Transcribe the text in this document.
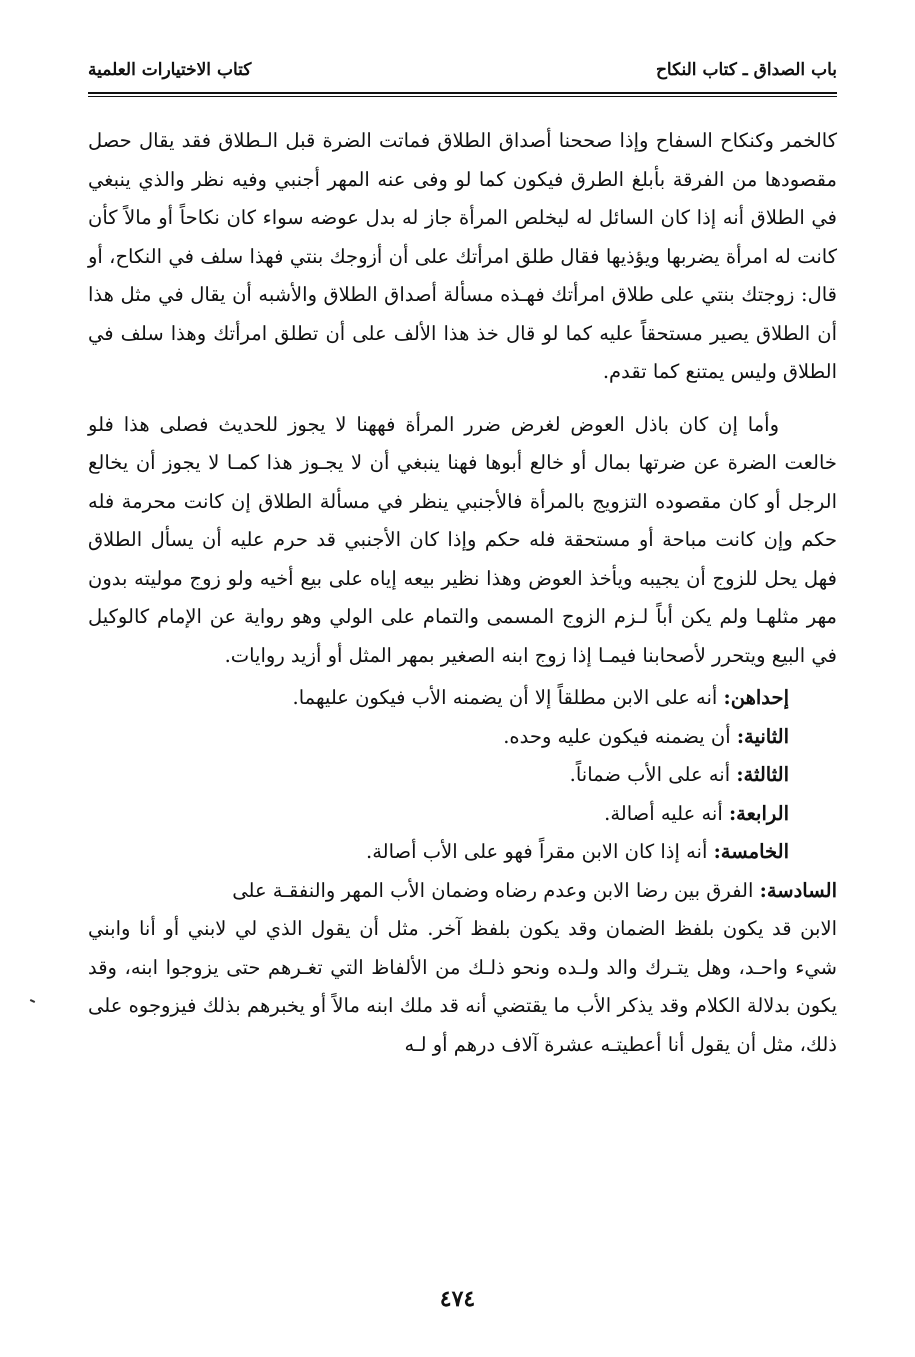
باب الصداق ـ كتاب النكاح
كتاب الاختيارات العلمية

كالخمر وكنكاح السفاح وإذا صححنا أصداق الطلاق فماتت الضرة قبل الـطلاق فقد يقال حصل مقصودها من الفرقة بأبلغ الطرق فيكون كما لو وفى عنه المهر أجنبي وفيه نظر والذي ينبغي في الطلاق أنه إذا كان السائل له ليخلص المرأة جاز له بدل عوضه سواء كان نكاحاً أو مالاً كأن كانت له امرأة يضربها ويؤذيها فقال طلق امرأتك على أن أزوجك بنتي فهذا سلف في النكاح، أو قال: زوجتك بنتي على طلاق امرأتك فهـذه مسألة أصداق الطلاق والأشبه أن يقال في مثل هذا أن الطلاق يصير مستحقاً عليه كما لو قال خذ هذا الألف على أن تطلق امرأتك وهذا سلف في الطلاق وليس يمتنع كما تقدم.

وأما إن كان باذل العوض لغرض ضرر المرأة فههنا لا يجوز للحديث فصلى هذا فلو خالعت الضرة عن ضرتها بمال أو خالع أبوها فهنا ينبغي أن لا يجـوز هذا كمـا لا يجوز أن يخالع الرجل أو كان مقصوده التزويج بالمرأة فالأجنبي ينظر في مسألة الطلاق إن كانت محرمة فله حكم وإن كانت مباحة أو مستحقة فله حكم وإذا كان الأجنبي قد حرم عليه أن يسأل الطلاق فهل يحل للزوج أن يجيبه ويأخذ العوض وهذا نظير بيعه إياه على بيع أخيه ولو زوج موليته بدون مهر مثلهـا ولم يكن أباً لـزم الزوج المسمى والتمام على الولي وهو رواية عن الإمام كالوكيل في البيع ويتحرر لأصحابنا فيمـا إذا زوج ابنه الصغير بمهر المثل أو أزيد روايات.

إحداهن: أنه على الابن مطلقاً إلا أن يضمنه الأب فيكون عليهما.
الثانية: أن يضمنه فيكون عليه وحده.
الثالثة: أنه على الأب ضماناً.
الرابعة: أنه عليه أصالة.
الخامسة: أنه إذا كان الابن مقراً فهو على الأب أصالة.
السادسة: الفرق بين رضا الابن وعدم رضاه وضمان الأب المهر والنفقـة على

الابن قد يكون بلفظ الضمان وقد يكون بلفظ آخر. مثل أن يقول الذي لي لابني أو أنا وابني شيء واحـد، وهل يتـرك والد ولـده ونحو ذلـك من الألفاظ التي تغـرهم حتى يزوجوا ابنه، وقد يكون بدلالة الكلام وقد يذكر الأب ما يقتضي أنه قد ملك ابنه مالاً أو يخبرهم بذلك فيزوجوه على ذلك، مثل أن يقول أنا أعطيتـه عشرة آلاف درهم أو لـه

٤٧٤
